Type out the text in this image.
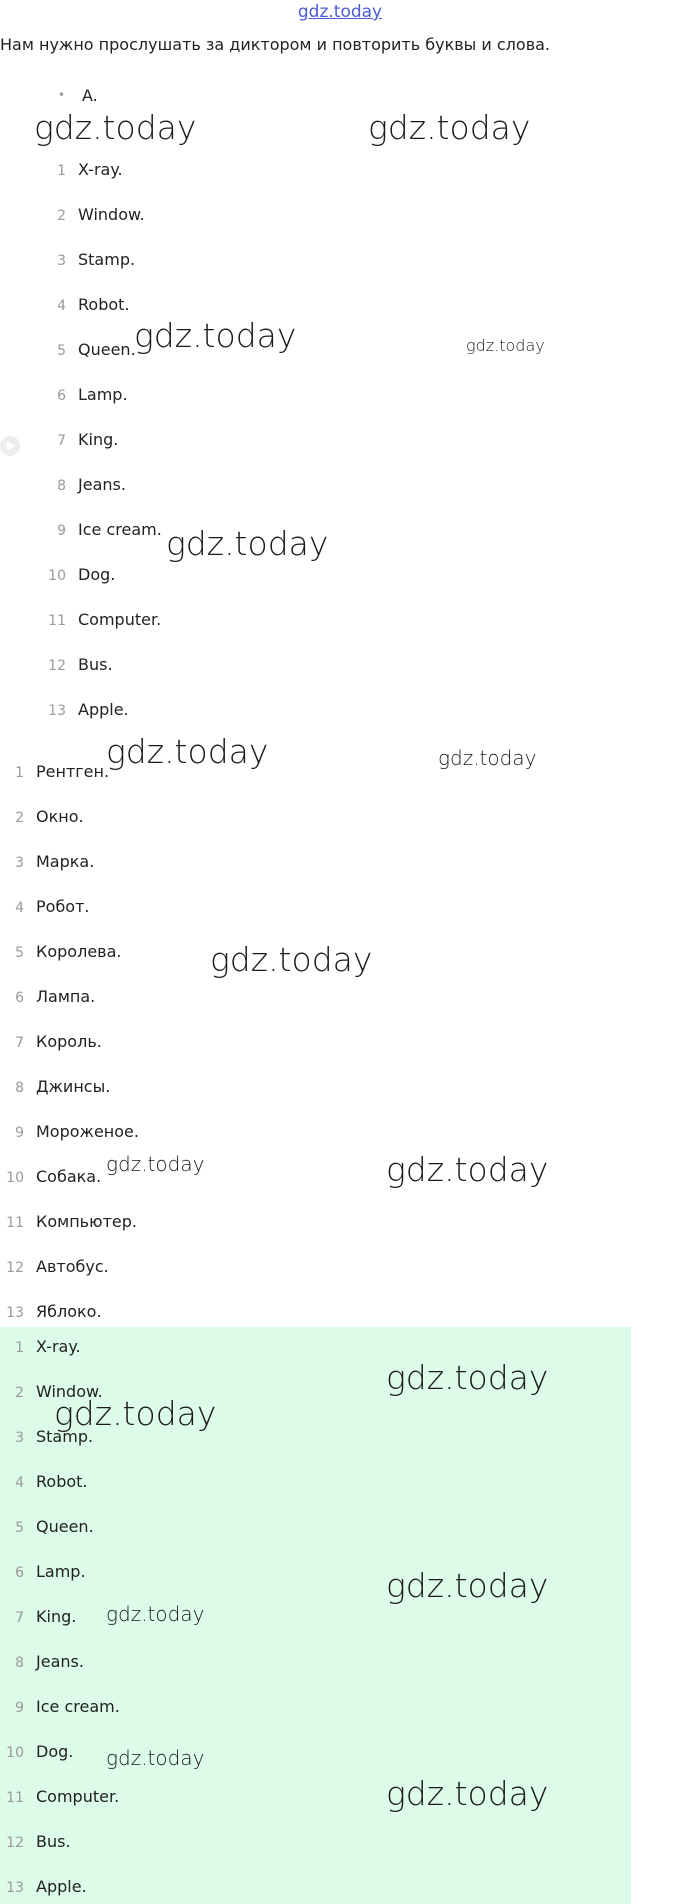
gdz.today
Нам нужно прослушать за диктором и повторить буквы и слова.
• A.
1 X-ray.
2 Window.
3 Stamp.
4 Robot.
5 Queen.
6 Lamp.
7 King.
8 Jeans.
9 Ice cream.
10 Dog.
11 Computer.
12 Bus.
13 Apple.
1 Рентген.
2 Окно.
3 Марка.
4 Робот.
5 Королева.
6 Лампа.
7 Король.
8 Джинсы.
9 Мороженое.
10 Собака.
11 Компьютер.
12 Автобус.
13 Яблоко.
1 X-ray.
2 Window.
3 Stamp.
4 Robot.
5 Queen.
6 Lamp.
7 King.
8 Jeans.
9 Ice cream.
10 Dog.
11 Computer.
12 Bus.
13 Apple.
gdz.today	gdz.today
gdz.today	gdz.today
gdz.today
gdz.today	gdz.today
gdz.today
gdz.today	gdz.today
gdz.today
gdz.today
gdz.today
gdz.today
gdz.today
gdz.today
